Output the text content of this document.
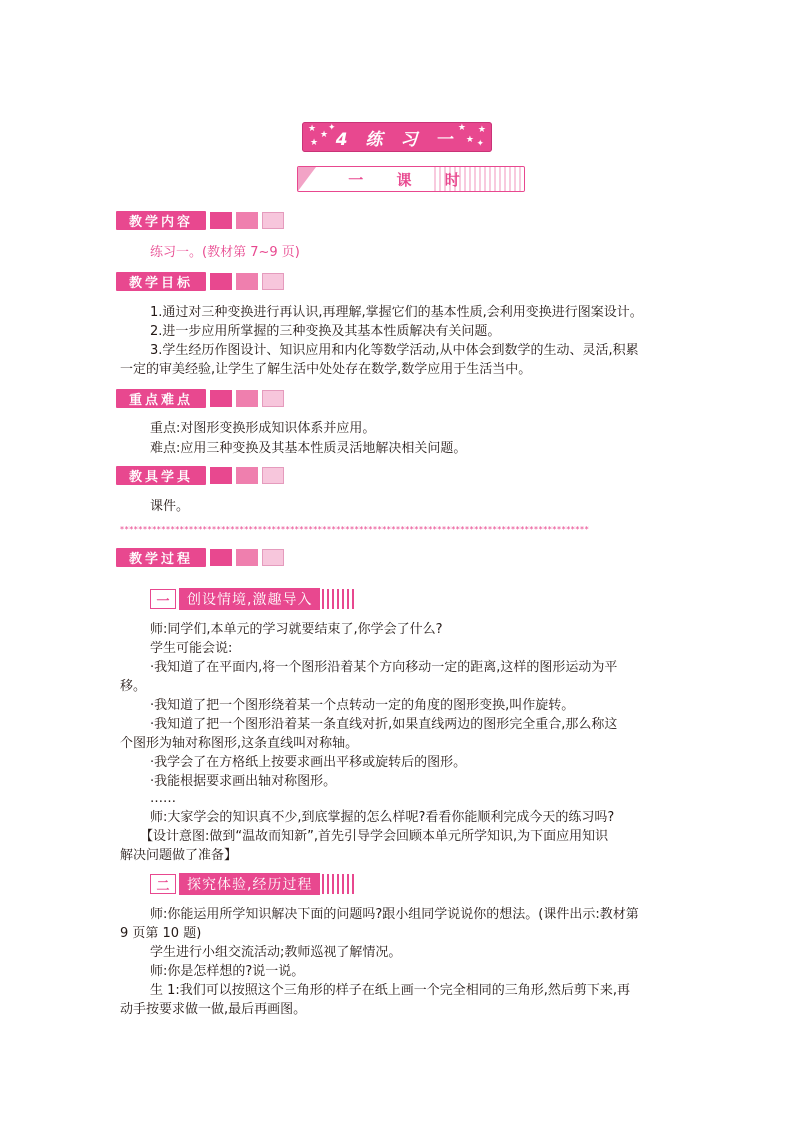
★
★
★
✦
4 练 习 一 ★
★ ✦
★
一 课 时
教学内容
练习一。(教材第 7~9 页)
教学目标
1.通过对三种变换进行再认识,再理解,掌握它们的基本性质,会利用变换进行图案设计。
2.进一步应用所掌握的三种变换及其基本性质解决有关问题。
3.学生经历作图设计、知识应用和内化等数学活动,从中体会到数学的生动、灵活,积累
一定的审美经验,让学生了解生活中处处存在数学,数学应用于生活当中。
重点难点
重点:对图形变换形成知识体系并应用。
难点:应用三种变换及其基本性质灵活地解决相关问题。
教具学具
课件。
******************************************************************************************************
教学过程
一	创设情境,激趣导入
师:同学们,本单元的学习就要结束了,你学会了什么?
学生可能会说:
·我知道了在平面内,将一个图形沿着某个方向移动一定的距离,这样的图形运动为平
移。
·我知道了把一个图形绕着某一个点转动一定的角度的图形变换,叫作旋转。
·我知道了把一个图形沿着某一条直线对折,如果直线两边的图形完全重合,那么称这
个图形为轴对称图形,这条直线叫对称轴。
·我学会了在方格纸上按要求画出平移或旋转后的图形。
·我能根据要求画出轴对称图形。
……
师:大家学会的知识真不少,到底掌握的怎么样呢?看看你能顺利完成今天的练习吗?
【设计意图:做到“温故而知新”,首先引导学会回顾本单元所学知识,为下面应用知识
解决问题做了准备】
二	探究体验,经历过程
师:你能运用所学知识解决下面的问题吗?跟小组同学说说你的想法。(课件出示:教材第
9 页第 10 题)
学生进行小组交流活动;教师巡视了解情况。
师:你是怎样想的?说一说。
生 1:我们可以按照这个三角形的样子在纸上画一个完全相同的三角形,然后剪下来,再
动手按要求做一做,最后再画图。
